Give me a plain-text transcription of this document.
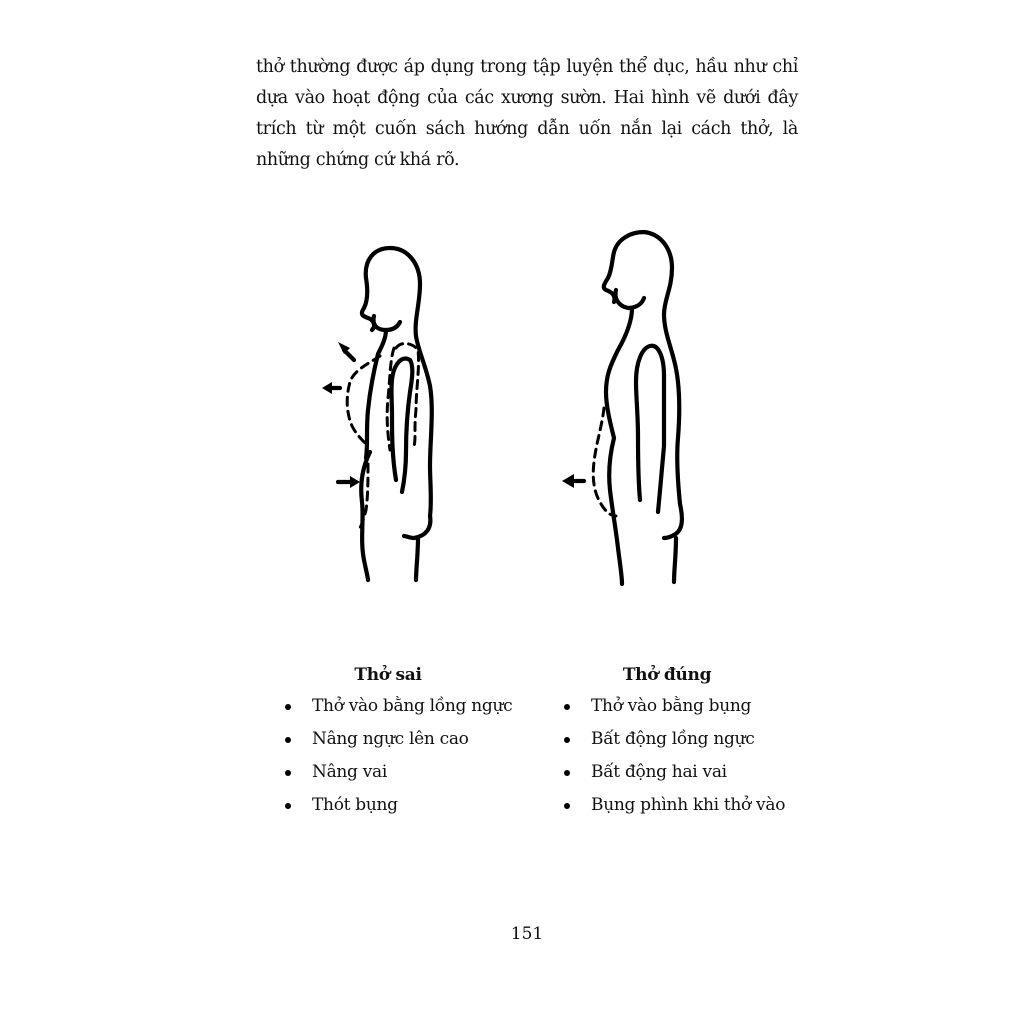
thở thường được áp dụng trong tập luyện thể dục, hầu như chỉ dựa vào hoạt động của các xương sườn. Hai hình vẽ dưới đây trích từ một cuốn sách hướng dẫn uốn nắn lại cách thở, là những chứng cứ khá rõ.

Thở sai
Thở vào bằng lồng ngực
Nâng ngực lên cao
Nâng vai
Thót bụng
Thở đúng
Thở vào bằng bụng
Bất động lồng ngực
Bất động hai vai
Bụng phình khi thở vào
151
